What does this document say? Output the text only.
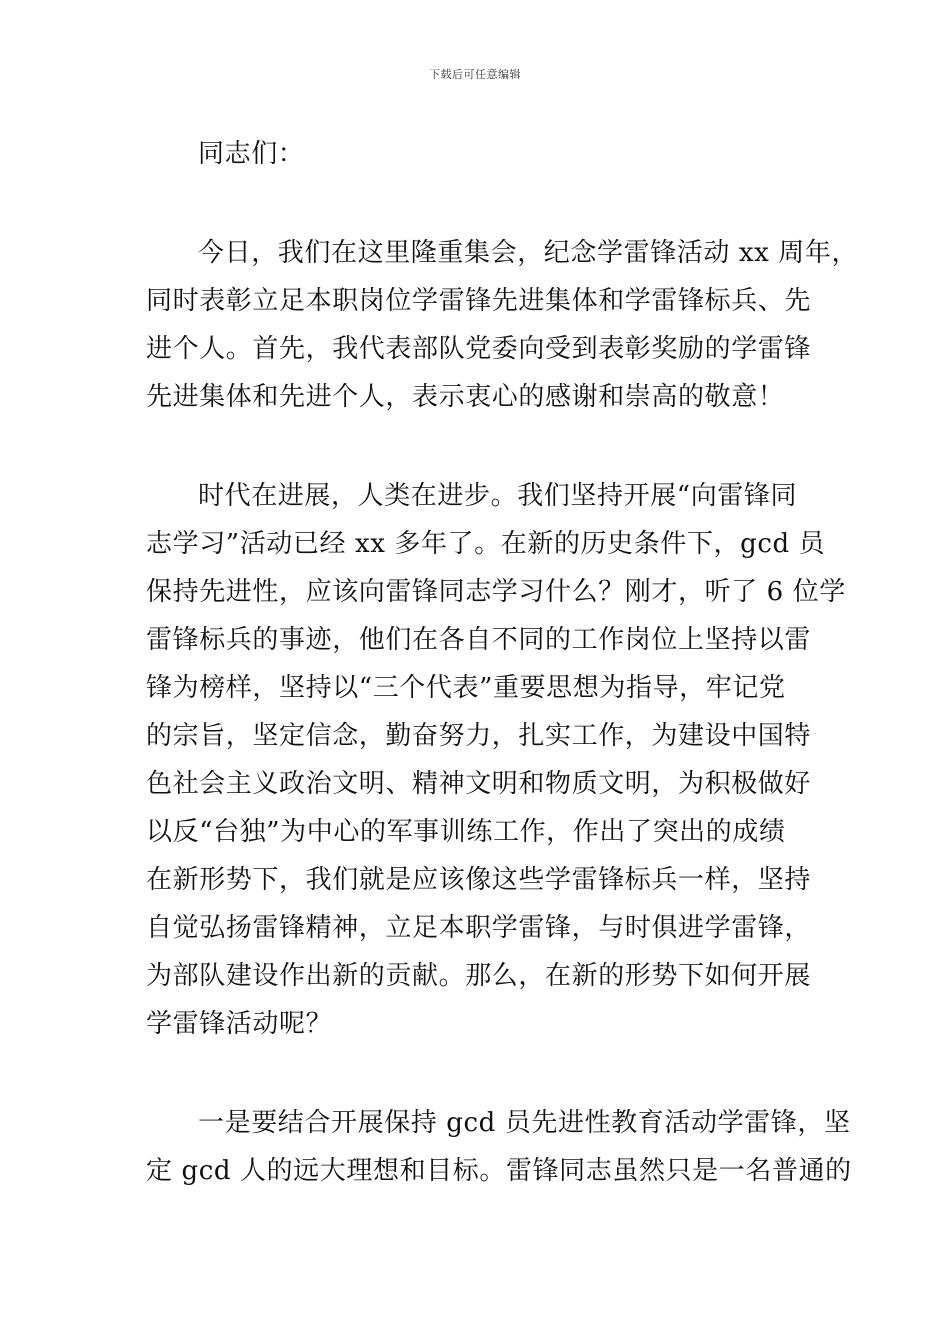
下载后可任意编辑
同志们：
今日，我们在这里隆重集会，纪念学雷锋活动 xx 周年，
同时表彰立足本职岗位学雷锋先进集体和学雷锋标兵、先
进个人。首先，我代表部队党委向受到表彰奖励的学雷锋
先进集体和先进个人，表示衷心的感谢和崇高的敬意！
时代在进展，人类在进步。我们坚持开展“向雷锋同
志学习”活动已经 xx 多年了。在新的历史条件下，gcd 员
保持先进性，应该向雷锋同志学习什么？刚才，听了 6 位学
雷锋标兵的事迹，他们在各自不同的工作岗位上坚持以雷
锋为榜样，坚持以“三个代表”重要思想为指导，牢记党
的宗旨，坚定信念，勤奋努力，扎实工作，为建设中国特
色社会主义政治文明、精神文明和物质文明，为积极做好
以反“台独”为中心的军事训练工作，作出了突出的成绩
在新形势下，我们就是应该像这些学雷锋标兵一样，坚持
自觉弘扬雷锋精神，立足本职学雷锋，与时俱进学雷锋，
为部队建设作出新的贡献。那么，在新的形势下如何开展
学雷锋活动呢？
一是要结合开展保持 gcd 员先进性教育活动学雷锋，坚
定 gcd 人的远大理想和目标。雷锋同志虽然只是一名普通的
